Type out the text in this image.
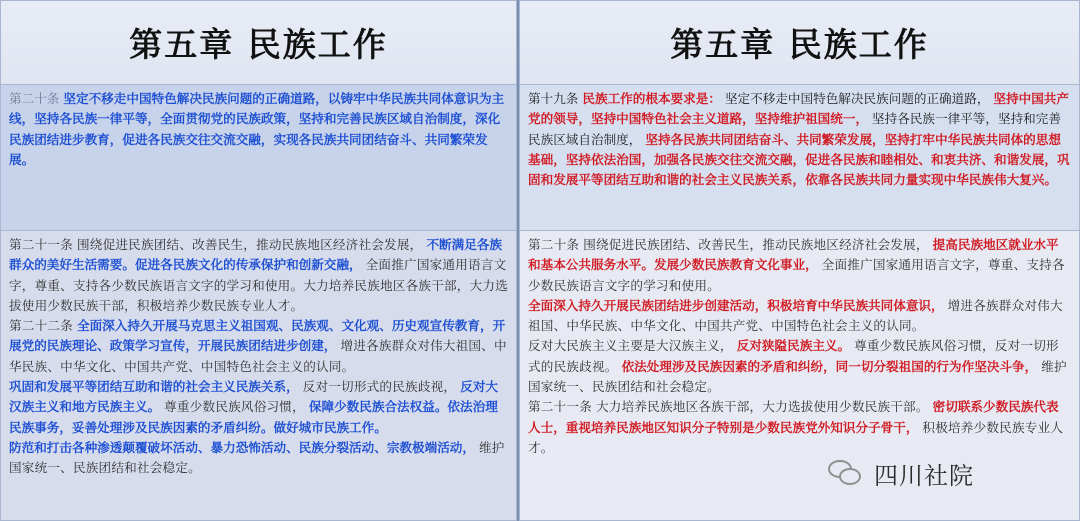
第五章 民族工作

第二十条 坚定不移走中国特色解决民族问题的正确道路，以铸牢中华民族共同体意识为主线，坚持各民族一律平等，全面贯彻党的民族政策，坚持和完善民族区域自治制度，深化民族团结进步教育，促进各民族交往交流交融，实现各民族共同团结奋斗、共同繁荣发展。

第二十一条 围绕促进民族团结、改善民生，推动民族地区经济社会发展， 不断满足各族群众的美好生活需要。促进各民族文化的传承保护和创新交融， 全面推广国家通用语言文字，尊重、支持各少数民族语言文字的学习和使用。大力培养民族地区各族干部，大力选拔使用少数民族干部，积极培养少数民族专业人才。

第二十二条 全面深入持久开展马克思主义祖国观、民族观、文化观、历史观宣传教育，开展党的民族理论、政策学习宣传，开展民族团结进步创建， 增进各族群众对伟大祖国、中华民族、中华文化、中国共产党、中国特色社会主义的认同。

巩固和发展平等团结互助和谐的社会主义民族关系， 反对一切形式的民族歧视， 反对大汉族主义和地方民族主义。 尊重少数民族风俗习惯， 保障少数民族合法权益。依法治理民族事务，妥善处理涉及民族因素的矛盾纠纷。做好城市民族工作。

防范和打击各种渗透颠覆破坏活动、暴力恐怖活动、民族分裂活动、宗教极端活动， 维护国家统一、民族团结和社会稳定。

第五章 民族工作

第十九条 民族工作的根本要求是： 坚定不移走中国特色解决民族问题的正确道路， 坚持中国共产党的领导，坚持中国特色社会主义道路，坚持维护祖国统一， 坚持各民族一律平等，坚持和完善民族区域自治制度， 坚持各民族共同团结奋斗、共同繁荣发展，坚持打牢中华民族共同体的思想基础，坚持依法治国，加强各民族交往交流交融，促进各民族和睦相处、和衷共济、和谐发展，巩固和发展平等团结互助和谐的社会主义民族关系，依靠各民族共同力量实现中华民族伟大复兴。

第二十条 围绕促进民族团结、改善民生，推动民族地区经济社会发展， 提高民族地区就业水平和基本公共服务水平。发展少数民族教育文化事业， 全面推广国家通用语言文字，尊重、支持各少数民族语言文字的学习和使用。

全面深入持久开展民族团结进步创建活动，积极培育中华民族共同体意识， 增进各族群众对伟大祖国、中华民族、中华文化、中国共产党、中国特色社会主义的认同。

反对大民族主义主要是大汉族主义， 反对狭隘民族主义。 尊重少数民族风俗习惯，反对一切形式的民族歧视。 依法处理涉及民族因素的矛盾和纠纷，同一切分裂祖国的行为作坚决斗争， 维护国家统一、民族团结和社会稳定。

第二十一条 大力培养民族地区各族干部，大力选拔使用少数民族干部。 密切联系少数民族代表人士，重视培养民族地区知识分子特别是少数民族党外知识分子骨干， 积极培养少数民族专业人才。

四川社院
